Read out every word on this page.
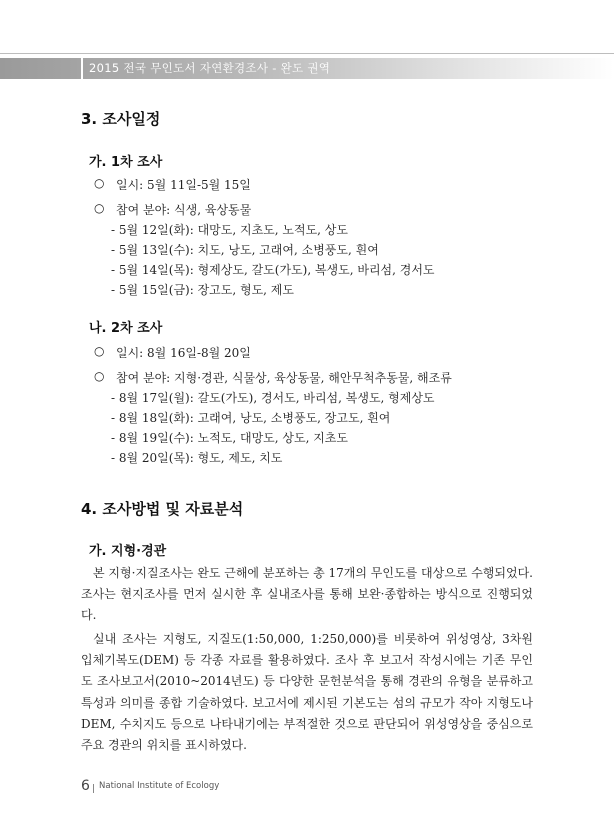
2015 전국 무인도서 자연환경조사 - 완도 권역
3. 조사일정
가. 1차 조사
○ 일시: 5월 11일-5월 15일
○ 참여 분야: 식생, 육상동물
- 5월 12일(화): 대망도, 지초도, 노적도, 상도
- 5월 13일(수): 치도, 낭도, 고래여, 소병풍도, 흰여
- 5월 14일(목): 형제상도, 갈도(가도), 복생도, 바리섬, 경서도
- 5월 15일(금): 장고도, 형도, 제도
나. 2차 조사
○ 일시: 8월 16일-8월 20일
○ 참여 분야: 지형·경관, 식물상, 육상동물, 해안무척추동물, 해조류
- 8월 17일(월): 갈도(가도), 경서도, 바리섬, 복생도, 형제상도
- 8월 18일(화): 고래여, 낭도, 소병풍도, 장고도, 흰여
- 8월 19일(수): 노적도, 대망도, 상도, 지초도
- 8월 20일(목): 형도, 제도, 치도
4. 조사방법 및 자료분석
가. 지형·경관
본 지형·지질조사는 완도 근해에 분포하는 총 17개의 무인도를 대상으로 수행되었다. 조사는 현지조사를 먼저 실시한 후 실내조사를 통해 보완·종합하는 방식으로 진행되었다.
실내 조사는 지형도, 지질도(1:50,000, 1:250,000)를 비롯하여 위성영상, 3차원 입체기복도(DEM) 등 각종 자료를 활용하였다. 조사 후 보고서 작성시에는 기존 무인도 조사보고서(2010~2014년도) 등 다양한 문헌분석을 통해 경관의 유형을 분류하고 특성과 의미를 종합 기술하였다. 보고서에 제시된 기본도는 섬의 규모가 작아 지형도나 DEM, 수치지도 등으로 나타내기에는 부적절한 것으로 판단되어 위성영상을 중심으로 주요 경관의 위치를 표시하였다.
6 National Institute of Ecology
